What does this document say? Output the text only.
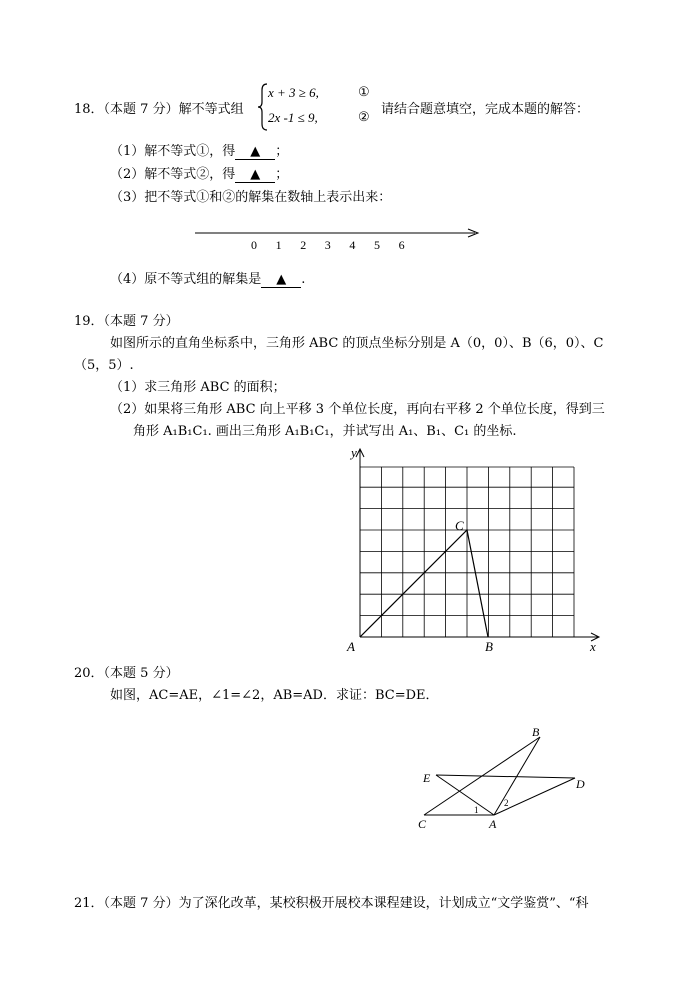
18．（本题 7 分）解不等式组
x + 3 ≥ 6,
2x -1 ≤ 9,
①
②
请结合题意填空，完成本题的解答：
（1）解不等式①，得 ▲ ；
（2）解不等式②，得 ▲ ；
（3）把不等式①和②的解集在数轴上表示出来：
0 1 2 3 4 5 6
（4）原不等式组的解集是 ▲ .
19．（本题 7 分）
如图所示的直角坐标系中，三角形 ABC 的顶点坐标分别是 A（0，0）、B（6，0）、C
（5，5）.
（1）求三角形 ABC 的面积；
（2）如果将三角形 ABC 向上平移 3 个单位长度，再向右平移 2 个单位长度，得到三
角形 A₁B₁C₁. 画出三角形 A₁B₁C₁，并试写出 A₁、B₁、C₁ 的坐标.
y
x
A	B
C
20．（本题 5 分）
如图，AC=AE，∠1=∠2，AB=AD．求证：BC=DE．
B
E	D
C	A
1
2
21．（本题 7 分）为了深化改革，某校积极开展校本课程建设，计划成立“文学鉴赏”、“科
